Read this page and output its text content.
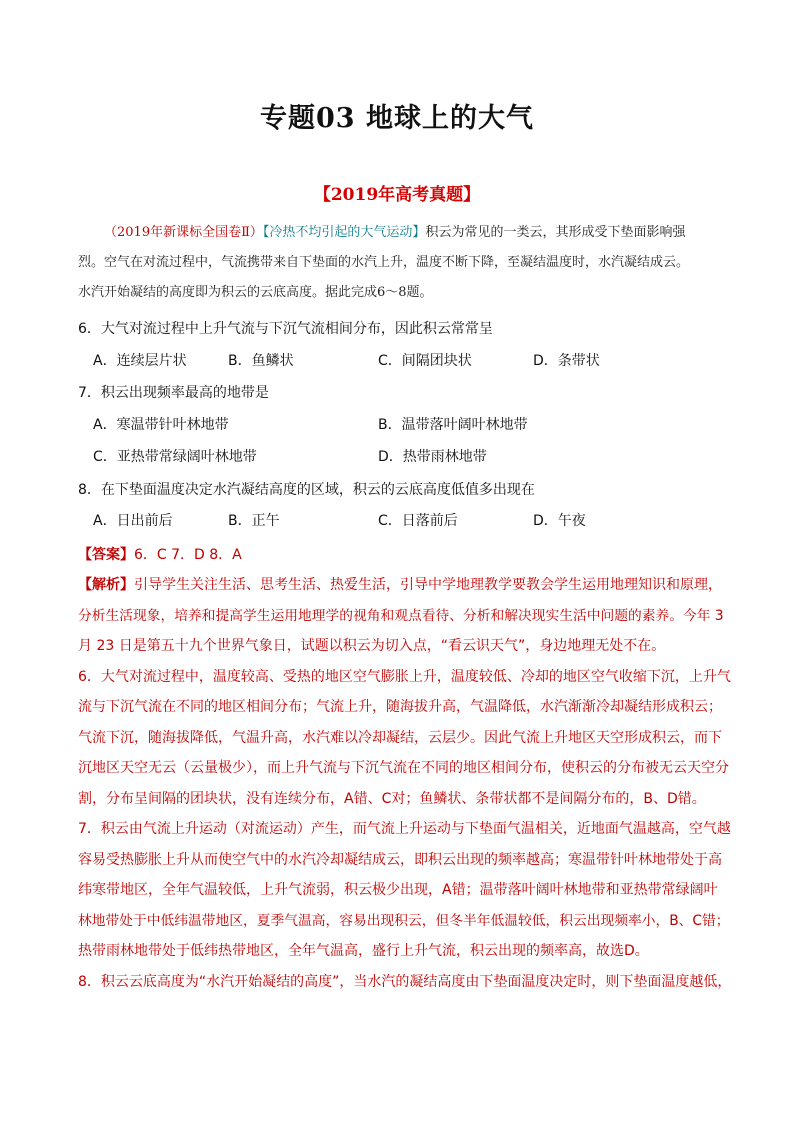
专题03 地球上的大气
【2019年高考真题】
（2019年新课标全国卷Ⅱ）【冷热不均引起的大气运动】积云为常见的一类云，其形成受下垫面影响强
烈。空气在对流过程中，气流携带来自下垫面的水汽上升，温度不断下降，至凝结温度时，水汽凝结成云。
水汽开始凝结的高度即为积云的云底高度。据此完成6～8题。
6．大气对流过程中上升气流与下沉气流相间分布，因此积云常常呈
A．连续层片状	B．鱼鳞状	C．间隔团块状	D．条带状
7．积云出现频率最高的地带是
A．寒温带针叶林地带	B．温带落叶阔叶林地带
C．亚热带常绿阔叶林地带	D．热带雨林地带
8．在下垫面温度决定水汽凝结高度的区域，积云的云底高度低值多出现在
A．日出前后	B．正午	C．日落前后	D．午夜
【答案】6．C 7．D 8．A
【解析】引导学生关注生活、思考生活、热爱生活，引导中学地理教学要教会学生运用地理知识和原理，
分析生活现象，培养和提高学生运用地理学的视角和观点看待、分析和解决现实生活中问题的素养。今年 3
月 23 日是第五十九个世界气象日，试题以积云为切入点，“看云识天气”，身边地理无处不在。
6．大气对流过程中，温度较高、受热的地区空气膨胀上升，温度较低、冷却的地区空气收缩下沉，上升气
流与下沉气流在不同的地区相间分布；气流上升，随海拔升高，气温降低，水汽渐渐冷却凝结形成积云；
气流下沉，随海拔降低，气温升高，水汽难以冷却凝结，云层少。因此气流上升地区天空形成积云，而下
沉地区天空无云（云量极少），而上升气流与下沉气流在不同的地区相间分布，使积云的分布被无云天空分
割，分布呈间隔的团块状，没有连续分布，A错、C对；鱼鳞状、条带状都不是间隔分布的，B、D错。
7．积云由气流上升运动（对流运动）产生，而气流上升运动与下垫面气温相关，近地面气温越高，空气越
容易受热膨胀上升从而使空气中的水汽冷却凝结成云，即积云出现的频率越高；寒温带针叶林地带处于高
纬寒带地区，全年气温较低，上升气流弱，积云极少出现，A错；温带落叶阔叶林地带和亚热带常绿阔叶
林地带处于中低纬温带地区，夏季气温高，容易出现积云，但冬半年低温较低，积云出现频率小，B、C错；
热带雨林地带处于低纬热带地区，全年气温高，盛行上升气流，积云出现的频率高，故选D。
8．积云云底高度为“水汽开始凝结的高度”，当水汽的凝结高度由下垫面温度决定时，则下垫面温度越低，
